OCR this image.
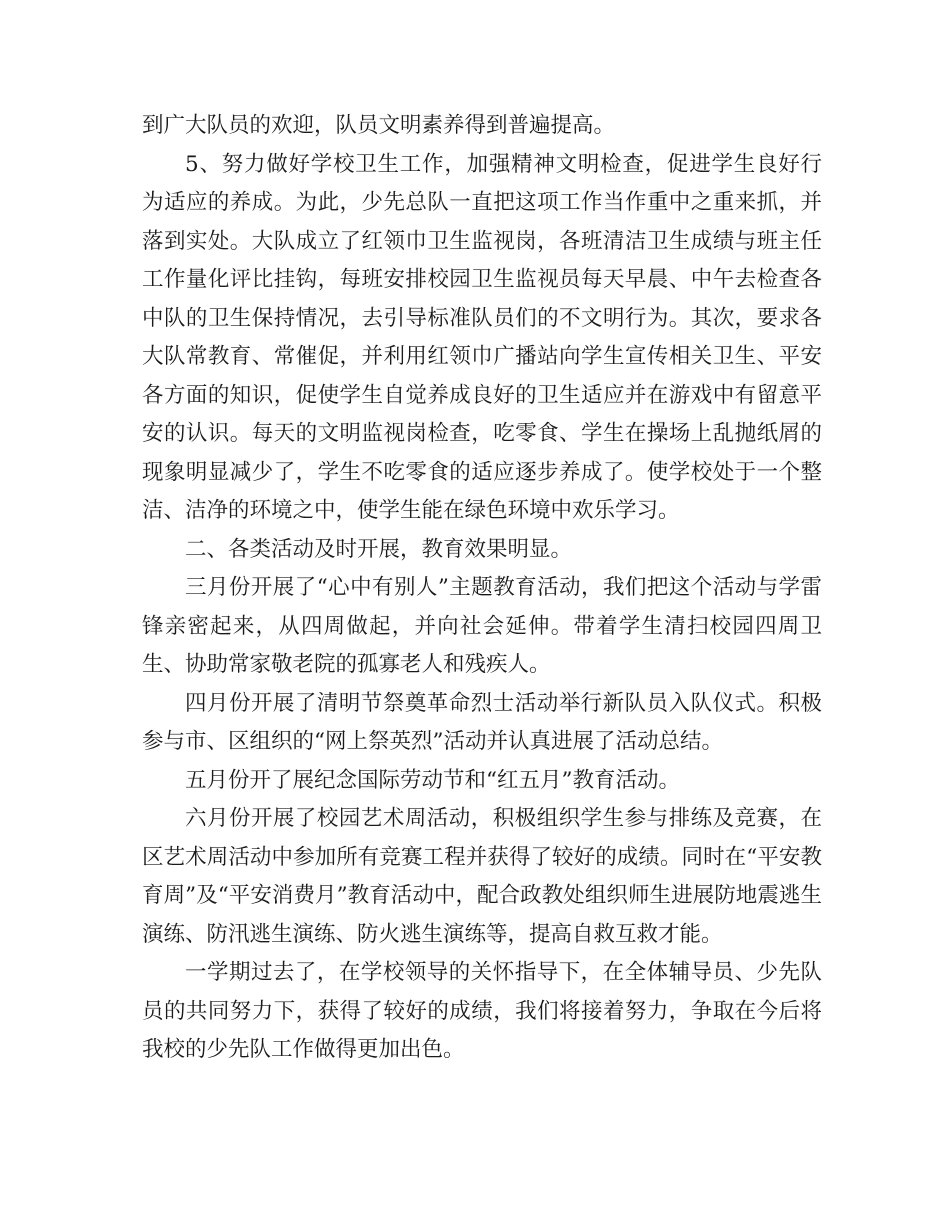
到广大队员的欢迎，队员文明素养得到普遍提高。

5、努力做好学校卫生工作，加强精神文明检查，促进学生良好行为适应的养成。为此，少先总队一直把这项工作当作重中之重来抓，并落到实处。大队成立了红领巾卫生监视岗，各班清洁卫生成绩与班主任工作量化评比挂钩，每班安排校园卫生监视员每天早晨、中午去检查各中队的卫生保持情况，去引导标准队员们的不文明行为。其次，要求各大队常教育、常催促，并利用红领巾广播站向学生宣传相关卫生、平安各方面的知识，促使学生自觉养成良好的卫生适应并在游戏中有留意平安的认识。每天的文明监视岗检查，吃零食、学生在操场上乱抛纸屑的现象明显减少了，学生不吃零食的适应逐步养成了。使学校处于一个整洁、洁净的环境之中，使学生能在绿色环境中欢乐学习。

二、各类活动及时开展，教育效果明显。

三月份开展了“心中有别人”主题教育活动，我们把这个活动与学雷锋亲密起来，从四周做起，并向社会延伸。带着学生清扫校园四周卫生、协助常家敬老院的孤寡老人和残疾人。

四月份开展了清明节祭奠革命烈士活动举行新队员入队仪式。积极参与市、区组织的“网上祭英烈”活动并认真进展了活动总结。

五月份开了展纪念国际劳动节和“红五月”教育活动。

六月份开展了校园艺术周活动，积极组织学生参与排练及竞赛，在区艺术周活动中参加所有竞赛工程并获得了较好的成绩。同时在“平安教育周”及“平安消费月”教育活动中，配合政教处组织师生进展防地震逃生演练、防汛逃生演练、防火逃生演练等，提高自救互救才能。

一学期过去了，在学校领导的关怀指导下，在全体辅导员、少先队员的共同努力下，获得了较好的成绩，我们将接着努力，争取在今后将我校的少先队工作做得更加出色。
